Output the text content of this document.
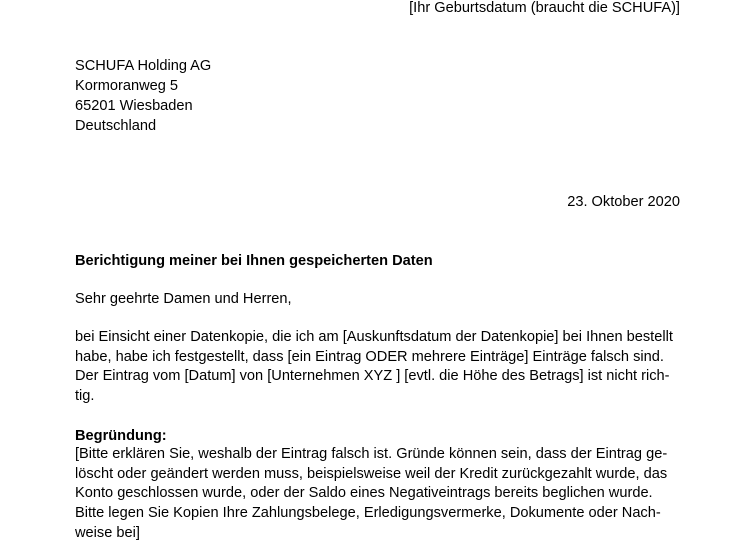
[Ihr Geburtsdatum (braucht die SCHUFA)]
SCHUFA Holding AG
Kormoranweg 5
65201 Wiesbaden
Deutschland
23. Oktober 2020
Berichtigung meiner bei Ihnen gespeicherten Daten
Sehr geehrte Damen und Herren,
bei Einsicht einer Datenkopie, die ich am [Auskunftsdatum der Datenkopie] bei Ihnen bestellt
habe, habe ich festgestellt, dass [ein Eintrag ODER mehrere Einträge] Einträge falsch sind.
Der Eintrag vom [Datum] von [Unternehmen XYZ ] [evtl. die Höhe des Betrags] ist nicht rich-
tig.
Begründung:
[Bitte erklären Sie, weshalb der Eintrag falsch ist. Gründe können sein, dass der Eintrag ge-
löscht oder geändert werden muss, beispielsweise weil der Kredit zurückgezahlt wurde, das
Konto geschlossen wurde, oder der Saldo eines Negativeintrags bereits beglichen wurde.
Bitte legen Sie Kopien Ihre Zahlungsbelege, Erledigungsvermerke, Dokumente oder Nach-
weise bei]
